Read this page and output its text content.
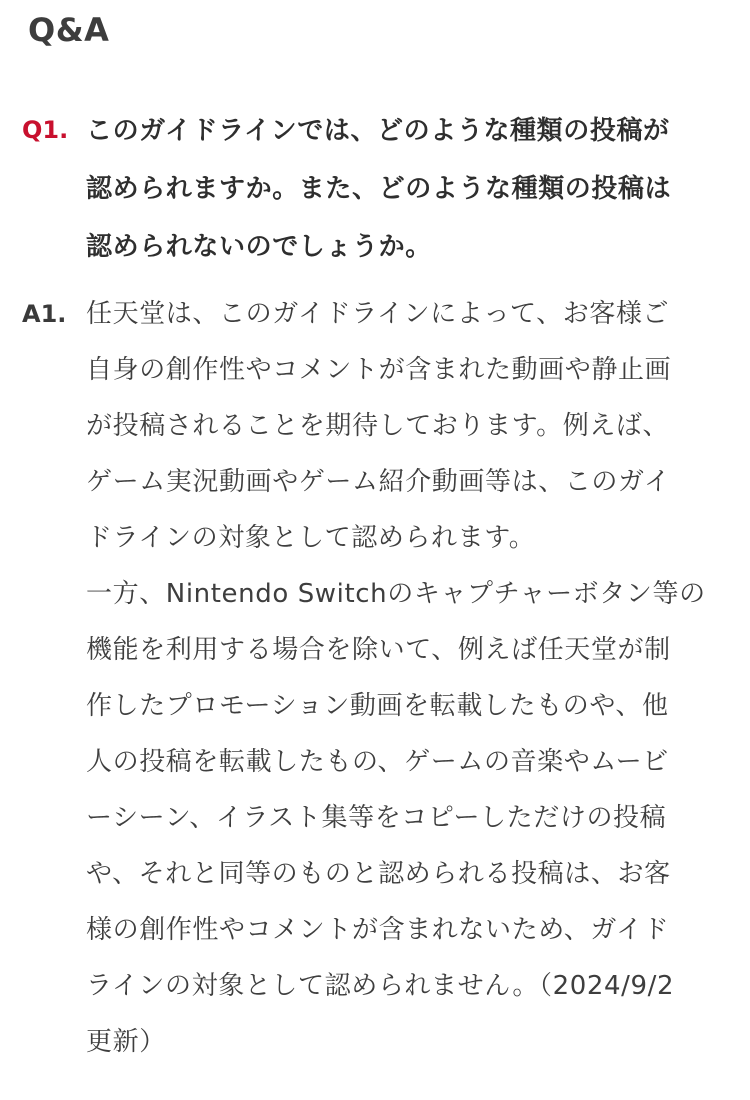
Q&A
Q1. このガイドラインでは、どのような種類の投稿が
認められますか。また、どのような種類の投稿は
認められないのでしょうか。
A1. 任天堂は、このガイドラインによって、お客様ご
自身の創作性やコメントが含まれた動画や静止画
が投稿されることを期待しております。例えば、
ゲーム実況動画やゲーム紹介動画等は、このガイ
ドラインの対象として認められます。
一方、Nintendo Switchのキャプチャーボタン等の
機能を利用する場合を除いて、例えば任天堂が制
作したプロモーション動画を転載したものや、他
人の投稿を転載したもの、ゲームの音楽やムービ
ーシーン、イラスト集等をコピーしただけの投稿
や、それと同等のものと認められる投稿は、お客
様の創作性やコメントが含まれないため、ガイド
ラインの対象として認められません。（2024/9/2
更新）
